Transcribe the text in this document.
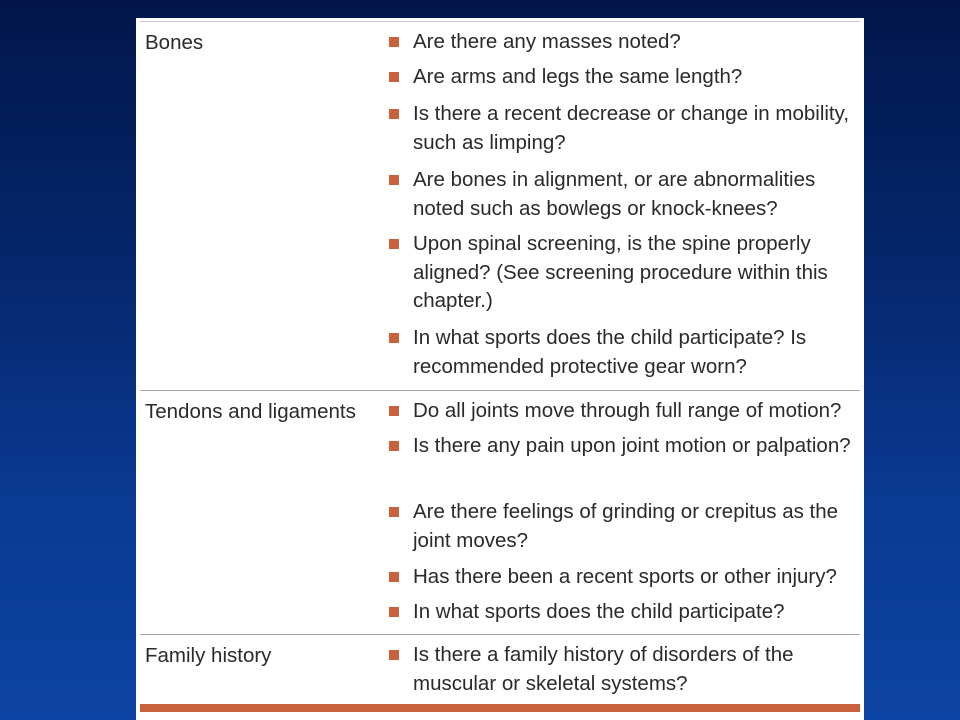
Bones	Are there any masses noted?
Are arms and legs the same length?
Is there a recent decrease or change in mobility, such as limping?
Are bones in alignment, or are abnormalities noted such as bowlegs or knock-knees?
Upon spinal screening, is the spine properly aligned? (See screening procedure within this chapter.)
In what sports does the child participate? Is recommended protective gear worn?
Tendons and ligaments	Do all joints move through full range of motion?
Is there any pain upon joint motion or palpation?
Are there feelings of grinding or crepitus as the joint moves?
Has there been a recent sports or other injury?
In what sports does the child participate?
Family history	Is there a family history of disorders of the muscular or skeletal systems?
